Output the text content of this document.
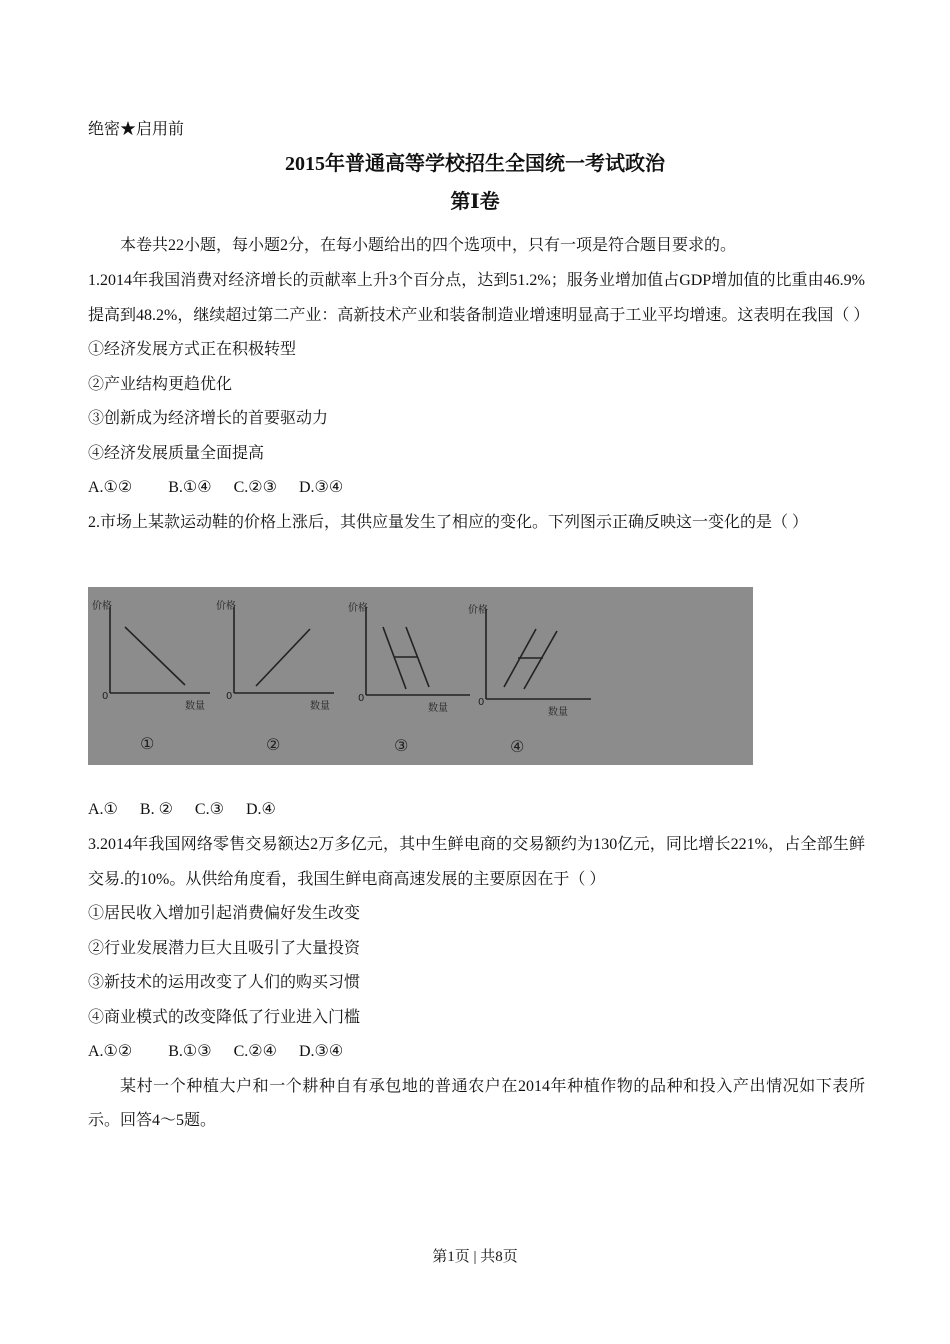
绝密★启用前
2015年普通高等学校招生全国统一考试政治
第Ⅰ卷
本卷共22小题，每小题2分，在每小题给出的四个选项中，只有一项是符合题目要求的。
1.2014年我国消费对经济增长的贡献率上升3个百分点，达到51.2%；服务业增加值占GDP增加值的比重由46.9%提高到48.2%，继续超过第二产业：高新技术产业和装备制造业增速明显高于工业平均增速。这表明在我国（ ）
①经济发展方式正在积极转型
②产业结构更趋优化
③创新成为经济增长的首要驱动力
④经济发展质量全面提高
A.①② B.①④ C.②③ D.③④
2.市场上某款运动鞋的价格上涨后，其供应量发生了相应的变化。下列图示正确反映这一变化的是（ ）
价格
数量
0
价格
数量
0
价格
数量
0
价格
数量
0
①	②	③	④
A.① B. ② C.③ D.④
3.2014年我国网络零售交易额达2万多亿元，其中生鲜电商的交易额约为130亿元，同比增长221%，占全部生鲜交易.的10%。从供给角度看，我国生鲜电商高速发展的主要原因在于（ ）
①居民收入增加引起消费偏好发生改变
②行业发展潜力巨大且吸引了大量投资
③新技术的运用改变了人们的购买习惯
④商业模式的改变降低了行业进入门槛
A.①② B.①③ C.②④ D.③④
某村一个种植大户和一个耕种自有承包地的普通农户在2014年种植作物的品种和投入产出情况如下表所示。回答4～5题。
第1页 | 共8页
